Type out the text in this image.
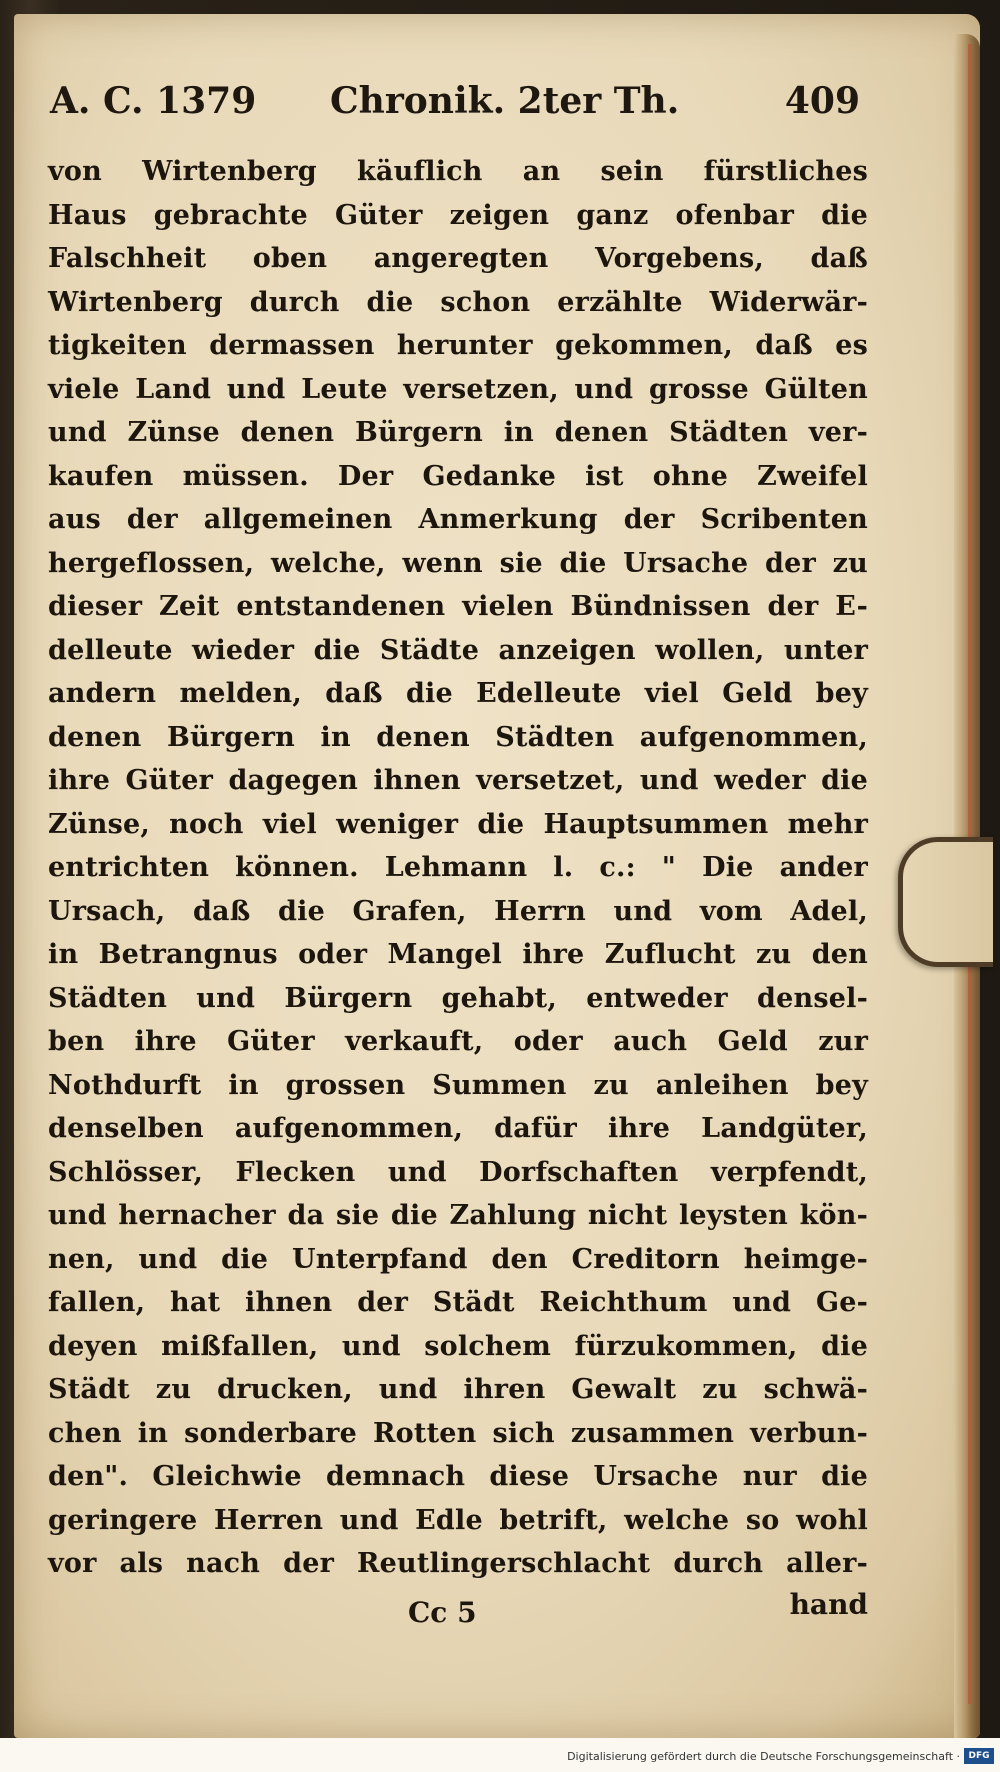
A. C. 1379 Chronik. 2ter Th.	409
von Wirtenberg käuflich an sein fürstliches
Haus gebrachte Güter zeigen ganz ofenbar die
Falschheit oben angeregten Vorgebens, daß
Wirtenberg durch die schon erzählte Widerwär-
tigkeiten dermassen herunter gekommen, daß es
viele Land und Leute versetzen, und grosse Gülten
und Zünse denen Bürgern in denen Städten ver-
kaufen müssen. Der Gedanke ist ohne Zweifel
aus der allgemeinen Anmerkung der Scribenten
hergeflossen, welche, wenn sie die Ursache der zu
dieser Zeit entstandenen vielen Bündnissen der E-
delleute wieder die Städte anzeigen wollen, unter
andern melden, daß die Edelleute viel Geld bey
denen Bürgern in denen Städten aufgenommen,
ihre Güter dagegen ihnen versetzet, und weder die
Zünse, noch viel weniger die Hauptsummen mehr
entrichten können. Lehmann l. c.: " Die ander
Ursach, daß die Grafen, Herrn und vom Adel,
in Betrangnus oder Mangel ihre Zuflucht zu den
Städten und Bürgern gehabt, entweder densel-
ben ihre Güter verkauft, oder auch Geld zur
Nothdurft in grossen Summen zu anleihen bey
denselben aufgenommen, dafür ihre Landgüter,
Schlösser, Flecken und Dorfschaften verpfendt,
und hernacher da sie die Zahlung nicht leysten kön-
nen, und die Unterpfand den Creditorn heimge-
fallen, hat ihnen der Städt Reichthum und Ge-
deyen mißfallen, und solchem fürzukommen, die
Städt zu drucken, und ihren Gewalt zu schwä-
chen in sonderbare Rotten sich zusammen verbun-
den". Gleichwie demnach diese Ursache nur die
geringere Herren und Edle betrift, welche so wohl
vor als nach der Reutlingerschlacht durch aller-
Cc 5	hand
Digitalisierung gefördert durch die Deutsche Forschungsgemeinschaft · DFG
